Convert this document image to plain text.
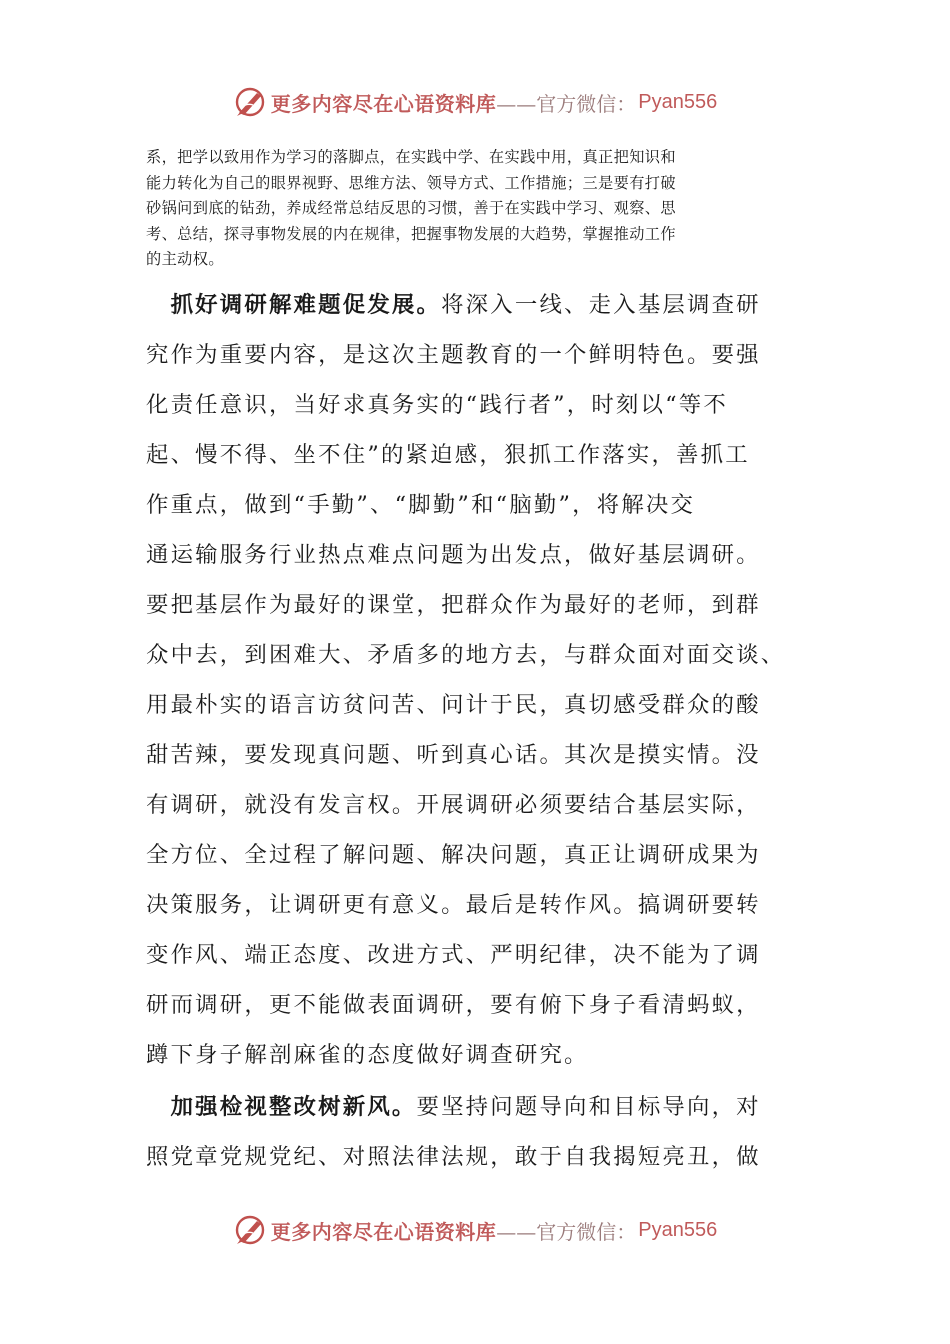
更多内容尽在心语资料库 ——官方微信： Pyan556
系，把学以致用作为学习的落脚点，在实践中学、在实践中用，真正把知识和
能力转化为自己的眼界视野、思维方法、领导方式、工作措施；三是要有打破
砂锅问到底的钻劲，养成经常总结反思的习惯，善于在实践中学习、观察、思
考、总结，探寻事物发展的内在规律，把握事物发展的大趋势，掌握推动工作
的主动权。
 抓好调研解难题促发展。将深入一线、走入基层调查研
究作为重要内容，是这次主题教育的一个鲜明特色。要强
化责任意识，当好求真务实的“践行者”，时刻以“等不
起、慢不得、坐不住”的紧迫感，狠抓工作落实，善抓工
作重点，做到“手勤”、“脚勤”和“脑勤”，将解决交
通运输服务行业热点难点问题为出发点，做好基层调研。
要把基层作为最好的课堂，把群众作为最好的老师，到群
众中去，到困难大、矛盾多的地方去，与群众面对面交谈、
用最朴实的语言访贫问苦、问计于民，真切感受群众的酸
甜苦辣，要发现真问题、听到真心话。其次是摸实情。没
有调研，就没有发言权。开展调研必须要结合基层实际，
全方位、全过程了解问题、解决问题，真正让调研成果为
决策服务，让调研更有意义。最后是转作风。搞调研要转
变作风、端正态度、改进方式、严明纪律，决不能为了调
研而调研，更不能做表面调研，要有俯下身子看清蚂蚁，
蹲下身子解剖麻雀的态度做好调查研究。
 加强检视整改树新风。要坚持问题导向和目标导向，对
照党章党规党纪、对照法律法规，敢于自我揭短亮丑，做
更多内容尽在心语资料库 ——官方微信： Pyan556
